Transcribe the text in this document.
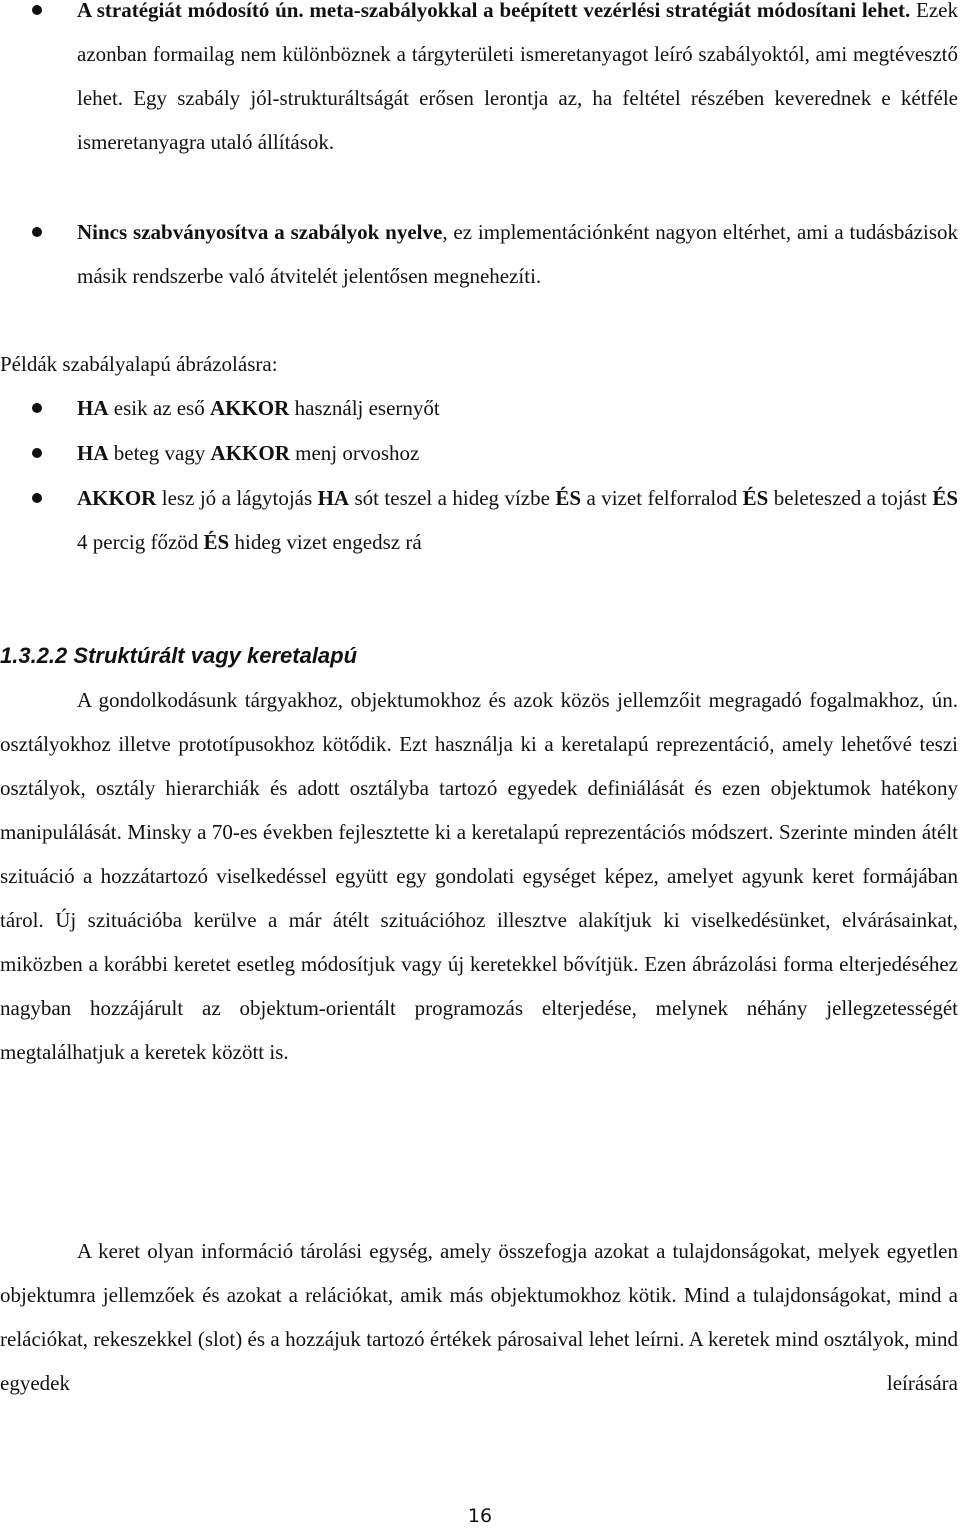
A stratégiát módosító ún. meta-szabályokkal a beépített vezérlési stratégiát módosítani lehet. Ezek azonban formailag nem különböznek a tárgyterületi ismeretanyagot leíró szabályoktól, ami megtévesztő lehet. Egy szabály jól-strukturáltságát erősen lerontja az, ha feltétel részében keverednek e kétféle ismeretanyagra utaló állítások.
Nincs szabványosítva a szabályok nyelve, ez implementációnként nagyon eltérhet, ami a tudásbázisok másik rendszerbe való átvitelét jelentősen megnehezíti.

Példák szabályalapú ábrázolásra:

HA esik az eső AKKOR használj esernyőt
HA beteg vagy AKKOR menj orvoshoz
AKKOR lesz jó a lágytojás HA sót teszel a hideg vízbe ÉS a vizet felforralod ÉS beleteszed a tojást ÉS 4 percig főzöd ÉS hideg vizet engedsz rá
1.3.2.2 Struktúrált vagy keretalapú

A gondolkodásunk tárgyakhoz, objektumokhoz és azok közös jellemzőit megragadó fogalmakhoz, ún. osztályokhoz illetve prototípusokhoz kötődik. Ezt használja ki a keretalapú reprezentáció, amely lehetővé teszi osztályok, osztály hierarchiák és adott osztályba tartozó egyedek definiálását és ezen objektumok hatékony manipulálását. Minsky a 70-es években fejlesztette ki a keretalapú reprezentációs módszert. Szerinte minden átélt szituáció a hozzátartozó viselkedéssel együtt egy gondolati egységet képez, amelyet agyunk keret formájában tárol. Új szituációba kerülve a már átélt szituációhoz illesztve alakítjuk ki viselkedésünket, elvárásainkat, miközben a korábbi keretet esetleg módosítjuk vagy új keretekkel bővítjük. Ezen ábrázolási forma elterjedéséhez nagyban hozzájárult az objektum-orientált programozás elterjedése, melynek néhány jellegzetességét megtalálhatjuk a keretek között is.

A keret olyan információ tárolási egység, amely összefogja azokat a tulajdonságokat, melyek egyetlen objektumra jellemzőek és azokat a relációkat, amik más objektumokhoz kötik. Mind a tulajdonságokat, mind a relációkat, rekeszekkel (slot) és a hozzájuk tartozó értékek párosaival lehet leírni. A keretek mind osztályok, mind egyedek leírására

16
